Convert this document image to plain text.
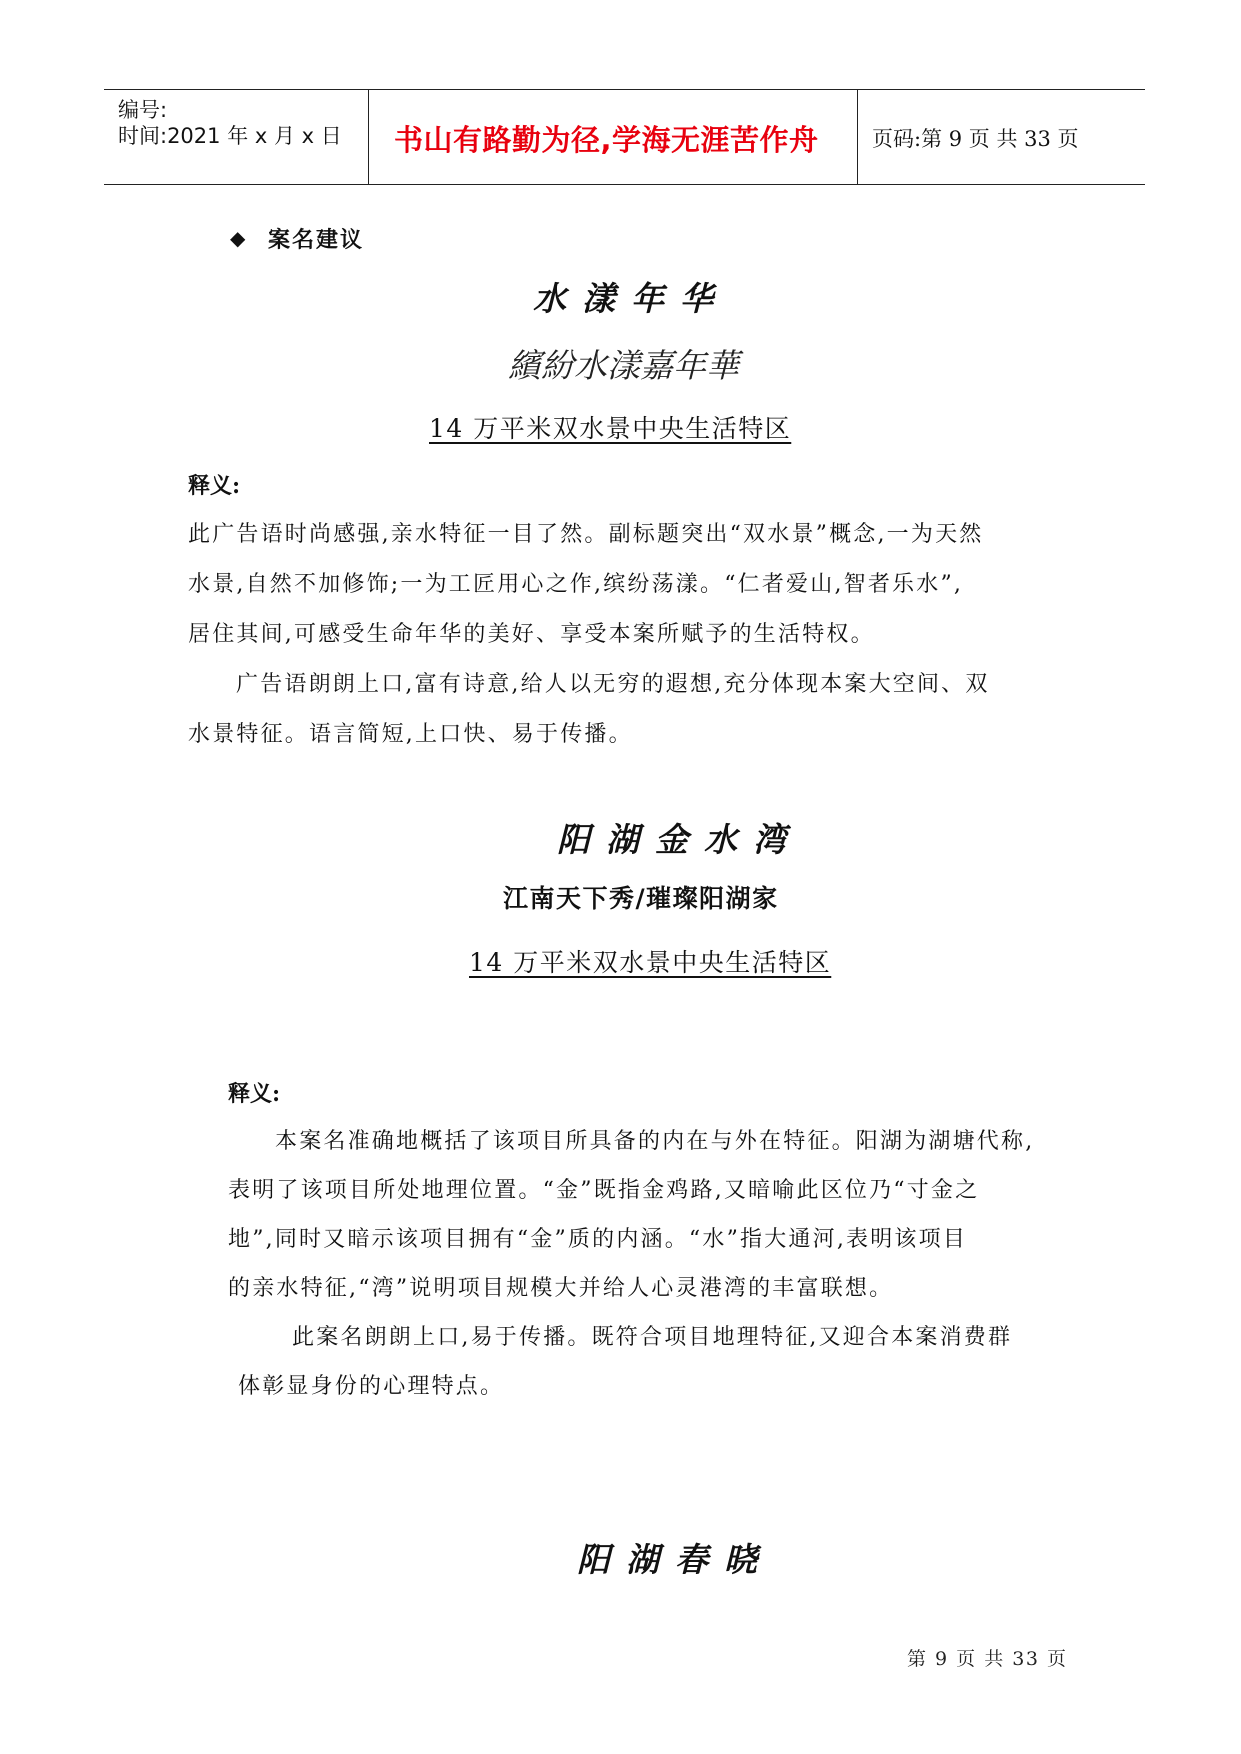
编号:
时间:2021 年 x 月 x 日 书山有路勤为径,学海无涯苦作舟	页码:第 9 页 共 33 页
◆ 案名建议
水漾年华
繽紛水漾嘉年華
14 万平米双水景中央生活特区
释义:
此广告语时尚感强,亲水特征一目了然。副标题突出“双水景”概念,一为天然
水景,自然不加修饰;一为工匠用心之作,缤纷荡漾。“仁者爱山,智者乐水”,
居住其间,可感受生命年华的美好、享受本案所赋予的生活特权。
广告语朗朗上口,富有诗意,给人以无穷的遐想,充分体现本案大空间、双
水景特征。语言简短,上口快、易于传播。
阳湖金水湾
江南天下秀/璀璨阳湖家
14 万平米双水景中央生活特区
释义:
本案名准确地概括了该项目所具备的内在与外在特征。阳湖为湖塘代称,
表明了该项目所处地理位置。“金”既指金鸡路,又暗喻此区位乃“寸金之
地”,同时又暗示该项目拥有“金”质的内涵。“水”指大通河,表明该项目
的亲水特征,“湾”说明项目规模大并给人心灵港湾的丰富联想。
此案名朗朗上口,易于传播。既符合项目地理特征,又迎合本案消费群
体彰显身份的心理特点。
阳湖春晓
第 9 页 共 33 页
